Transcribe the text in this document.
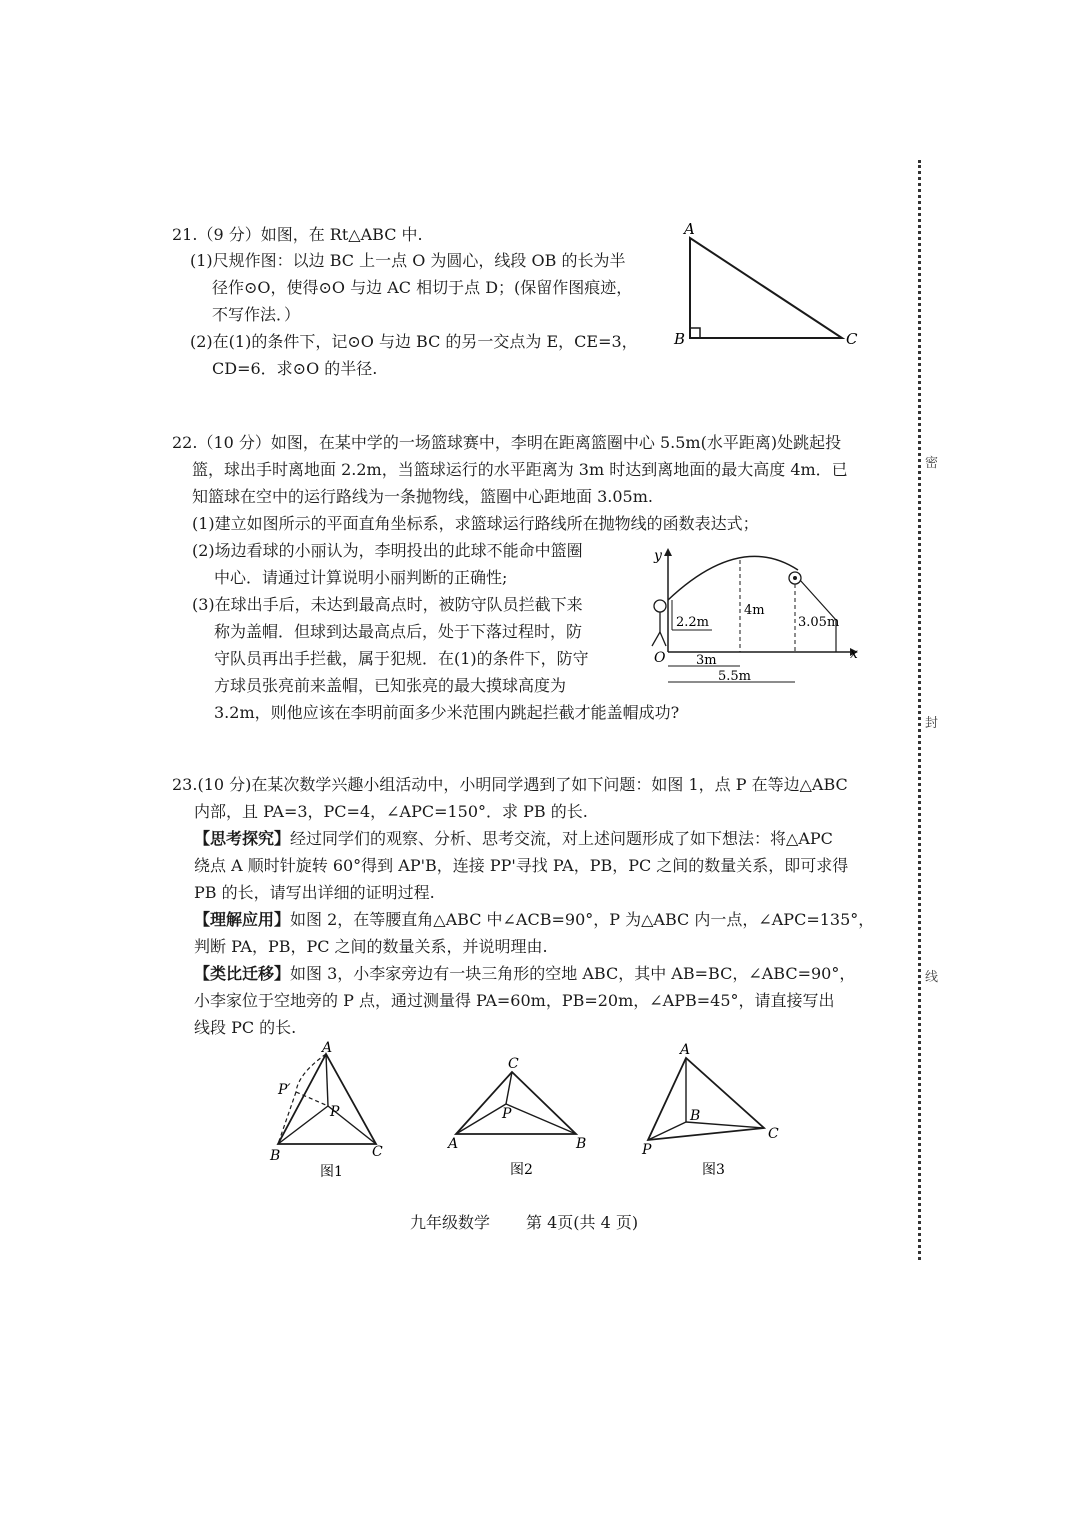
密
封
线
21.（9 分）如图，在 Rt△ABC 中.
(1)尺规作图：以边 BC 上一点 O 为圆心，线段 OB 的长为半
径作⊙O，使得⊙O 与边 AC 相切于点 D；(保留作图痕迹，
不写作法．）
(2)在(1)的条件下，记⊙O 与边 BC 的另一交点为 E，CE=3，
CD=6．求⊙O 的半径.
A
B	C
22.（10 分）如图，在某中学的一场篮球赛中，李明在距离篮圈中心 5.5m(水平距离)处跳起投
篮，球出手时离地面 2.2m，当篮球运行的水平距离为 3m 时达到离地面的最大高度 4m．已
知篮球在空中的运行路线为一条抛物线，篮圈中心距地面 3.05m.
(1)建立如图所示的平面直角坐标系，求篮球运行路线所在抛物线的函数表达式；
(2)场边看球的小丽认为，李明投出的此球不能命中篮圈
中心．请通过计算说明小丽判断的正确性;
(3)在球出手后，未达到最高点时，被防守队员拦截下来
称为盖帽．但球到达最高点后，处于下落过程时，防
守队员再出手拦截，属于犯规．在(1)的条件下，防守
方球员张亮前来盖帽，已知张亮的最大摸球高度为
3.2m，则他应该在李明前面多少米范围内跳起拦截才能盖帽成功?
y
x
O
2.2m
4m
3.05m
3m
5.5m
23.(10 分)在某次数学兴趣小组活动中，小明同学遇到了如下问题：如图 1，点 P 在等边△ABC
内部，且 PA=3，PC=4，∠APC=150°．求 PB 的长.
【思考探究】经过同学们的观察、分析、思考交流，对上述问题形成了如下想法：将△APC
绕点 A 顺时针旋转 60°得到 AP'B，连接 PP'寻找 PA，PB，PC 之间的数量关系，即可求得
PB 的长，请写出详细的证明过程.
【理解应用】如图 2，在等腰直角△ABC 中∠ACB=90°，P 为△ABC 内一点，∠APC=135°，
判断 PA，PB，PC 之间的数量关系，并说明理由.
【类比迁移】如图 3，小李家旁边有一块三角形的空地 ABC，其中 AB=BC，∠ABC=90°，
小李家位于空地旁的 P 点，通过测量得 PA=60m，PB=20m，∠APB=45°，请直接写出
线段 PC 的长.
A
B	C
P
P′
图1
C
A	B
P
图2
A
B
C
P
图3
九年级数学 第 4页(共 4 页)
